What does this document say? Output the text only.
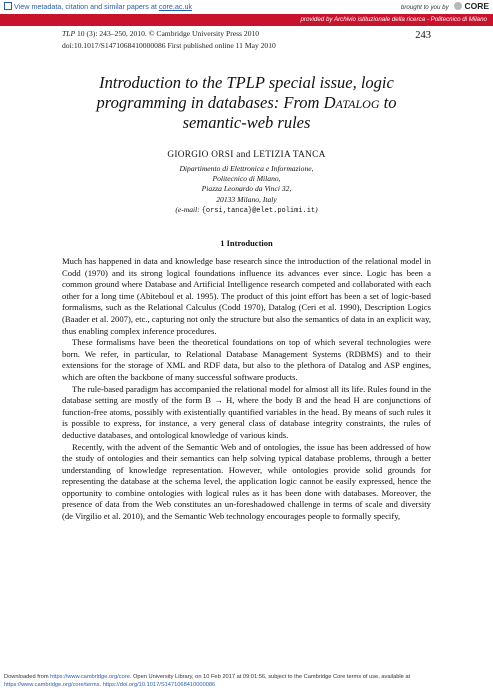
View metadata, citation and similar papers at core.ac.uk	brought to you by CORE
provided by Archivio istituzionale della ricerca - Politecnico di Milano
TLP 10 (3): 243–250, 2010. © Cambridge University Press 2010
doi:10.1017/S1471068410000086 First published online 11 May 2010
243
Introduction to the TPLP special issue, logic
programming in databases: From Datalog to
semantic-web rules
GIORGIO ORSI and LETIZIA TANCA
Dipartimento di Elettronica e Informazione,
Politecnico di Milano,
Piazza Leonardo da Vinci 32,
20133 Milano, Italy
(e-mail: {orsi,tanca}@elet.polimi.it)
1 Introduction

Much has happened in data and knowledge base research since the introduction of the relational model in Codd (1970) and its strong logical foundations influence its advances ever since. Logic has been a common ground where Database and Artificial Intelligence research competed and collaborated with each other for a long time (Abiteboul et al. 1995). The product of this joint effort has been a set of logic-based formalisms, such as the Relational Calculus (Codd 1970), Datalog (Ceri et al. 1990), Description Logics (Baader et al. 2007), etc., capturing not only the structure but also the semantics of data in an explicit way, thus enabling complex inference procedures.

These formalisms have been the theoretical foundations on top of which several technologies were born. We refer, in particular, to Relational Database Management Systems (RDBMS) and to their extensions for the storage of XML and RDF data, but also to the plethora of Datalog and ASP engines, which are often the backbone of many successful software products.

The rule-based paradigm has accompanied the relational model for almost all its life. Rules found in the database setting are mostly of the form B → H, where the body B and the head H are conjunctions of function-free atoms, possibly with existentially quantified variables in the head. By means of such rules it is possible to express, for instance, a very general class of database integrity constraints, the rules of deductive databases, and ontological knowledge of various kinds.

Recently, with the advent of the Semantic Web and of ontologies, the issue has been addressed of how the study of ontologies and their semantics can help solving typical database problems, through a better understanding of knowledge representation. However, while ontologies provide solid grounds for representing the database at the schema level, the application logic cannot be easily expressed, hence the opportunity to combine ontologies with logical rules as it has been done with databases. Moreover, the presence of data from the Web constitutes an un-foreshadowed challenge in terms of scale and diversity (de Virgilio et al. 2010), and the Semantic Web technology encourages people to formally specify,

Downloaded from https://www.cambridge.org/core. Open University Library, on 10 Feb 2017 at 09:01:56, subject to the Cambridge Core terms of use, available at
https://www.cambridge.org/core/terms. https://doi.org/10.1017/S1471068410000086
